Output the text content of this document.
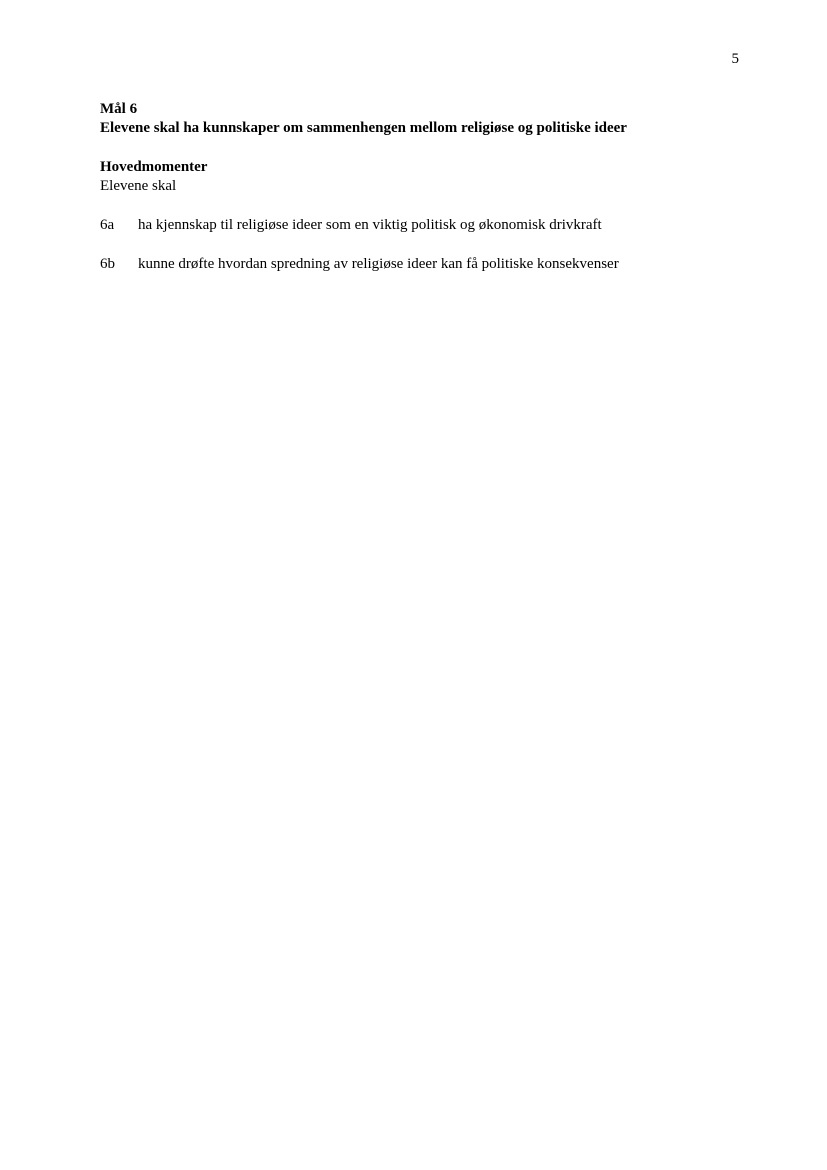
5
Mål 6
Elevene skal ha kunnskaper om sammenhengen mellom religiøse og politiske ideer
Hovedmomenter
Elevene skal
6a	ha kjennskap til religiøse ideer som en viktig politisk og økonomisk drivkraft
6b	kunne drøfte hvordan spredning av religiøse ideer kan få politiske konsekvenser
